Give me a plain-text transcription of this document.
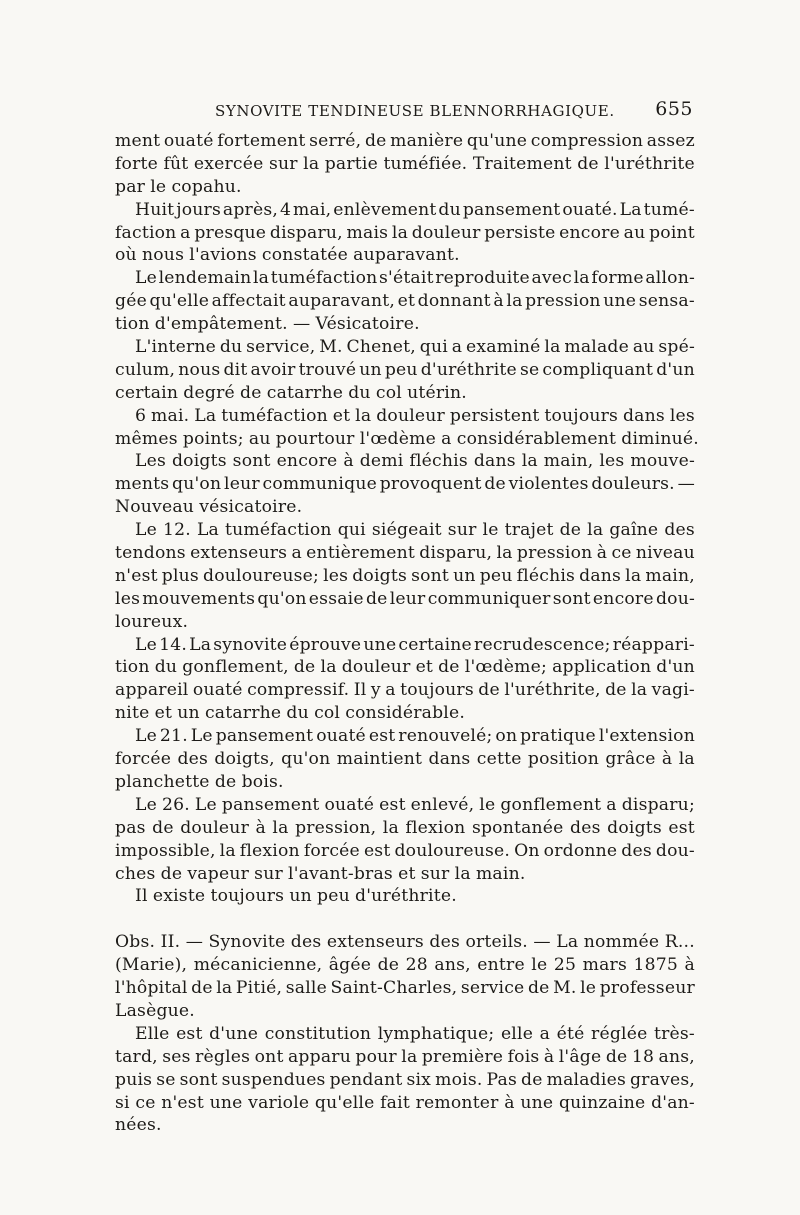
SYNOVITE TENDINEUSE BLENNORRHAGIQUE. 655
ment ouaté fortement serré, de manière qu'une compression assez
forte fût exercée sur la partie tuméfiée. Traitement de l'uréthrite
par le copahu.
Huit jours après, 4 mai, enlèvement du pansement ouaté. La tumé-
faction a presque disparu, mais la douleur persiste encore au point
où nous l'avions constatée auparavant.
Le lendemain la tuméfaction s'était reproduite avec la forme allon-
gée qu'elle affectait auparavant, et donnant à la pression une sensa-
tion d'empâtement. — Vésicatoire.
L'interne du service, M. Chenet, qui a examiné la malade au spé-
culum, nous dit avoir trouvé un peu d'uréthrite se compliquant d'un
certain degré de catarrhe du col utérin.
6 mai. La tuméfaction et la douleur persistent toujours dans les
mêmes points; au pourtour l'œdème a considérablement diminué.
Les doigts sont encore à demi fléchis dans la main, les mouve-
ments qu'on leur communique provoquent de violentes douleurs. —
Nouveau vésicatoire.
Le 12. La tuméfaction qui siégeait sur le trajet de la gaîne des
tendons extenseurs a entièrement disparu, la pression à ce niveau
n'est plus douloureuse; les doigts sont un peu fléchis dans la main,
les mouvements qu'on essaie de leur communiquer sont encore dou-
loureux.
Le 14. La synovite éprouve une certaine recrudescence; réappari-
tion du gonflement, de la douleur et de l'œdème; application d'un
appareil ouaté compressif. Il y a toujours de l'uréthrite, de la vagi-
nite et un catarrhe du col considérable.
Le 21. Le pansement ouaté est renouvelé; on pratique l'extension
forcée des doigts, qu'on maintient dans cette position grâce à la
planchette de bois.
Le 26. Le pansement ouaté est enlevé, le gonflement a disparu;
pas de douleur à la pression, la flexion spontanée des doigts est
impossible, la flexion forcée est douloureuse. On ordonne des dou-
ches de vapeur sur l'avant-bras et sur la main.
Il existe toujours un peu d'uréthrite.
Obs. II. — Synovite des extenseurs des orteils. — La nommée R...
(Marie), mécanicienne, âgée de 28 ans, entre le 25 mars 1875 à
l'hôpital de la Pitié, salle Saint-Charles, service de M. le professeur
Lasègue.
Elle est d'une constitution lymphatique; elle a été réglée très-
tard, ses règles ont apparu pour la première fois à l'âge de 18 ans,
puis se sont suspendues pendant six mois. Pas de maladies graves,
si ce n'est une variole qu'elle fait remonter à une quinzaine d'an-
nées.
